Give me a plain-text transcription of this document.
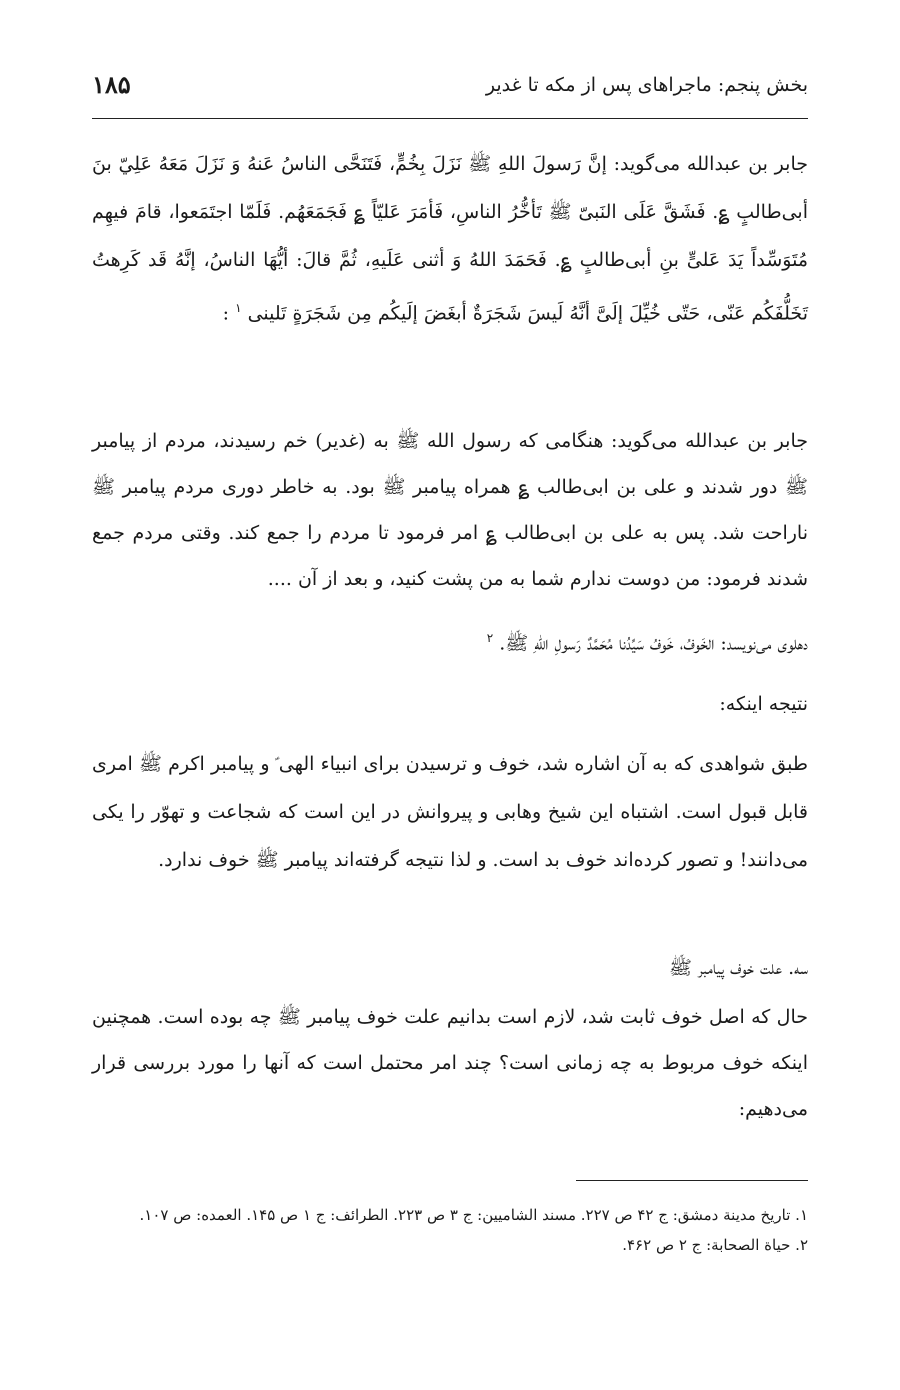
بخش پنجم: ماجراهای پس از مکه تا غدیر
۱۸۵
جابر بن عبدالله می‌گوید: إنَّ رَسولَ اللهِ ﷺ نَزَلَ بِخُمٍّ، فَتَنَحَّى الناسُ عَنهُ وَ نَزَلَ مَعَهُ عَلِيّ بنَ أبی‌طالبٍ ؏. فَشَقَّ عَلَى النَبیّ ﷺ تَأخُّرُ الناسِ، فَأمَرَ عَلیّاً ؏ فَجَمَعَهُم. فَلَمّا اجتَمَعوا، قامَ فیهِم مُتَوَسِّداً یَدَ عَلیٍّ بنِ أبی‌طالبٍ ؏. فَحَمَدَ اللهُ وَ أثنی عَلَیهِ، ثُمَّ قالَ: أیُّهَا الناسُ، إنَّهُ قَد کَرِهتُ تَخَلُّفَکُم عَنّی، حَتّی خُیِّلَ إلَیَّ أنَّهُ لَیسَ شَجَرَةٌ أبغَضَ إلَیکُم مِن شَجَرَةٍ تَلینی $^۱$ :
جابر بن عبدالله می‌گوید: هنگامی که رسول الله ﷺ به (غدیر) خم رسیدند، مردم از پیامبر ﷺ دور شدند و علی بن ابی‌طالب ؏ همراه پیامبر ﷺ بود. به خاطر دوری مردم پیامبر ﷺ ناراحت شد. پس به علی بن ابی‌طالب ؏ امر فرمود تا مردم را جمع کند. وقتی مردم جمع شدند فرمود: من دوست ندارم شما به من پشت کنید، و بعد از آن ....
دهلوی می‌نویسد: الخَوفُ، خَوفُ سَیِّدُنا مُحَمَّدٌ رَسولِ اللهِ ﷺ. $^۲$
نتیجه اینکه:
طبق شواهدی که به آن اشاره شد، خوف و ترسیدن برای انبیاء الهی ؑ و پیامبر اکرم ﷺ امری قابل قبول است. اشتباه این شیخ وهابی و پیروانش در این است که شجاعت و تهوّر را یکی می‌دانند! و تصور کرده‌اند خوف بد است. و لذا نتیجه گرفته‌اند پیامبر ﷺ خوف ندارد.
سه. علت خوف پیامبر ﷺ
حال که اصل خوف ثابت شد، لازم است بدانیم علت خوف پیامبر ﷺ چه بوده است. همچنین اینکه خوف مربوط به چه زمانی است؟ چند امر محتمل است که آنها را مورد بررسی قرار می‌دهیم:

۱. تاریخ مدینة دمشق: ج ۴۲ ص ۲۲۷. مسند الشامیین: ج ۳ ص ۲۲۳. الطرائف: ج ۱ ص ۱۴۵. العمده: ص ۱۰۷.

۲. حیاة الصحابة: ج ۲ ص ۴۶۲.
